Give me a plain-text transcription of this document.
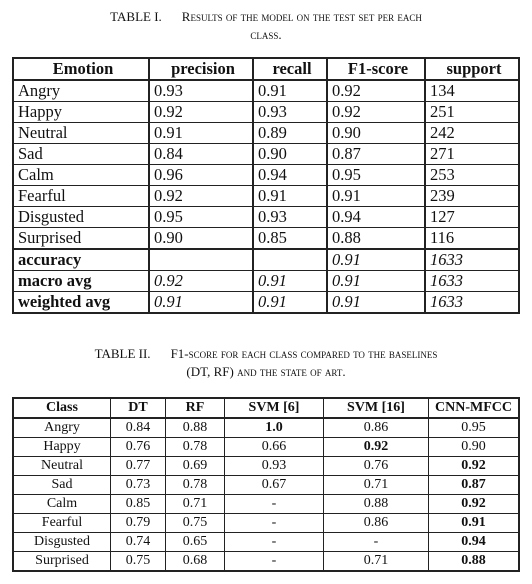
TABLE I. Results of the model on the test set per each
class.
Emotion	precision	recall	F1-score	support
Angry	0.93	0.91	0.92	134
Happy	0.92	0.93	0.92	251
Neutral	0.91	0.89	0.90	242
Sad	0.84	0.90	0.87	271
Calm	0.96	0.94	0.95	253
Fearful	0.92	0.91	0.91	239
Disgusted	0.95	0.93	0.94	127
Surprised	0.90	0.85	0.88	116
accuracy			0.91	1633
macro avg	0.92	0.91	0.91	1633
weighted avg	0.91	0.91	0.91	1633
TABLE II. F1-score for each class compared to the baselines
(DT, RF) and the state of art.
Class	DT	RF	SVM [6]	SVM [16]	CNN-MFCC
Angry	0.84	0.88	1.0	0.86	0.95
Happy	0.76	0.78	0.66	0.92	0.90
Neutral	0.77	0.69	0.93	0.76	0.92
Sad	0.73	0.78	0.67	0.71	0.87
Calm	0.85	0.71	-	0.88	0.92
Fearful	0.79	0.75	-	0.86	0.91
Disgusted	0.74	0.65	-	-	0.94
Surprised	0.75	0.68	-	0.71	0.88
